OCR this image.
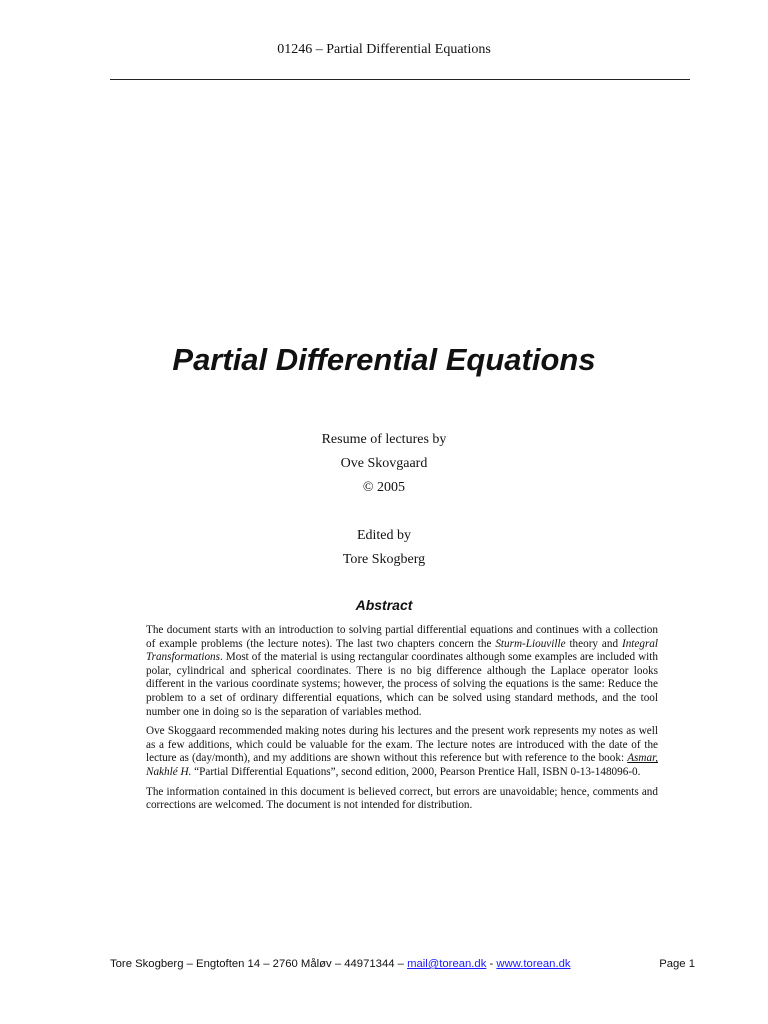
01246 – Partial Differential Equations
Partial Differential Equations
Resume of lectures by
Ove Skovgaard
© 2005
Edited by
Tore Skogberg
Abstract

The document starts with an introduction to solving partial differential equations and continues with a collection of example problems (the lecture notes). The last two chapters concern the Sturm-Liouville theory and Integral Transformations. Most of the material is using rectangular coordinates although some examples are included with polar, cylindrical and spherical coordinates. There is no big difference although the Laplace operator looks different in the various coordinate systems; however, the process of solving the equations is the same: Reduce the problem to a set of ordinary differential equations, which can be solved using standard methods, and the tool number one in doing so is the separation of variables method.

Ove Skoggaard recommended making notes during his lectures and the present work represents my notes as well as a few additions, which could be valuable for the exam. The lecture notes are introduced with the date of the lecture as (day/month), and my additions are shown without this reference but with reference to the book: Asmar, Nakhlé H. “Partial Differential Equations”, second edition, 2000, Pearson Prentice Hall, ISBN 0-13-148096-0.

The information contained in this document is believed correct, but errors are unavoidable; hence, comments and corrections are welcomed. The document is not intended for distribution.

Tore Skogberg – Engtoften 14 – 2760 Måløv – 44971344 – mail@torean.dk - www.torean.dk	Page 1
